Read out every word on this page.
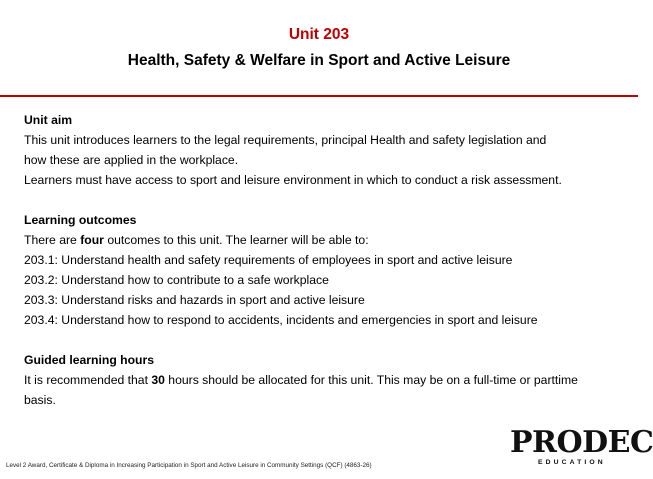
Unit 203
Health, Safety & Welfare in Sport and Active Leisure
Unit aim
This unit introduces learners to the legal requirements, principal Health and safety legislation and
how these are applied in the workplace.
Learners must have access to sport and leisure environment in which to conduct a risk assessment.
Learning outcomes
There are four outcomes to this unit. The learner will be able to:
203.1: Understand health and safety requirements of employees in sport and active leisure
203.2: Understand how to contribute to a safe workplace
203.3: Understand risks and hazards in sport and active leisure
203.4: Understand how to respond to accidents, incidents and emergencies in sport and leisure
Guided learning hours
It is recommended that 30 hours should be allocated for this unit. This may be on a full-time or parttime
basis.
Level 2 Award, Certificate & Diploma in Increasing Participation in Sport and Active Leisure in Community Settings (QCF) (4863-26)
PRODEC
EDUCATION
